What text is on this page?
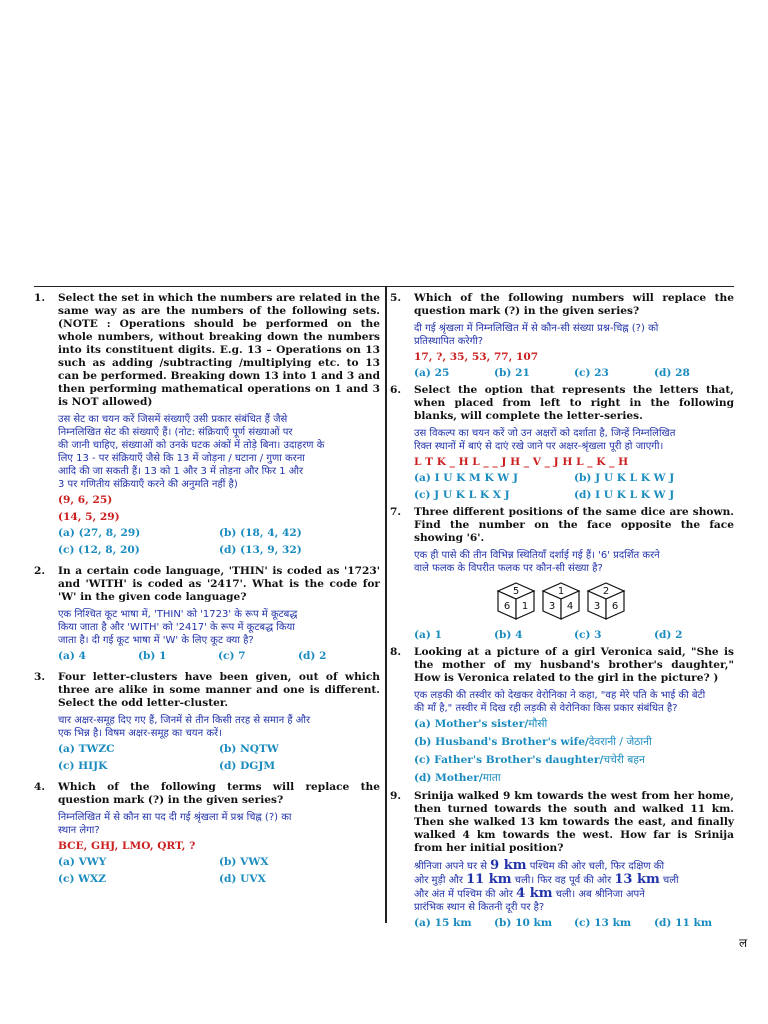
1.	Select the set in which the numbers are related in the same way as are the numbers of the following sets. (NOTE : Operations should be performed on the whole numbers, without breaking down the numbers into its constituent digits. E.g. 13 – Operations on 13 such as adding /subtracting /multiplying etc. to 13 can be performed. Breaking down 13 into 1 and 3 and then performing mathematical operations on 1 and 3 is NOT allowed)
उस सेट का चयन करें जिसमें संख्याएँ उसी प्रकार संबंधित हैं जैसे
निम्नलिखित सेट की संख्याएँ हैं। (नोट: संक्रियाएँ पूर्ण संख्याओं पर
की जानी चाहिए, संख्याओं को उनके घटक अंकों में तोड़े बिना। उदाहरण के
लिए 13 - पर संक्रियाएँ जैसे कि 13 में जोड़ना / घटाना / गुणा करना
आदि की जा सकती हैं। 13 को 1 और 3 में तोड़ना और फिर 1 और
3 पर गणितीय संक्रियाएँ करने की अनुमति नहीं है)
(9, 6, 25)
(14, 5, 29)
(a) (27, 8, 29)	(b) (18, 4, 42)
(c) (12, 8, 20)	(d) (13, 9, 32)
2.	In a certain code language, 'THIN' is coded as '1723' and 'WITH' is coded as '2417'. What is the code for 'W' in the given code language?
एक निश्चित कूट भाषा में, 'THIN' को '1723' के रूप में कूटबद्ध
किया जाता है और 'WITH' को '2417' के रूप में कूटबद्ध किया
जाता है। दी गई कूट भाषा में 'W' के लिए कूट क्या है?
(a) 4	(b) 1	(c) 7	(d) 2
3.	Four letter-clusters have been given, out of which three are alike in some manner and one is different. Select the odd letter-cluster.
चार अक्षर-समूह दिए गए हैं, जिनमें से तीन किसी तरह से समान हैं और
एक भिन्न है। विषम अक्षर-समूह का चयन करें।
(a) TWZC	(b) NQTW
(c) HIJK	(d) DGJM
4.	Which of the following terms will replace the question mark (?) in the given series?
निम्नलिखित में से कौन सा पद दी गई श्रृंखला में प्रश्न चिह्न (?) का
स्थान लेगा?
BCE, GHJ, LMO, QRT, ?
(a) VWY	(b) VWX
(c) WXZ	(d) UVX
5.	Which of the following numbers will replace the question mark (?) in the given series?
दी गई श्रृंखला में निम्नलिखित में से कौन-सी संख्या प्रश्न-चिह्न (?) को
प्रतिस्थापित करेगी?
17, ?, 35, 53, 77, 107
(a) 25	(b) 21	(c) 23	(d) 28
6.	Select the option that represents the letters that, when placed from left to right in the following blanks, will complete the letter-series.
उस विकल्प का चयन करें जो उन अक्षरों को दर्शाता है, जिन्हें निम्नलिखित
रिक्त स्थानों में बाएं से दाएं रखे जाने पर अक्षर-श्रृंखला पूरी हो जाएगी।
L T K _ H L _ _ J H _ V _ J H L _ K _ H
(a) I U K M K W J	(b) J U K L K W J
(c) J U K L K X J	(d) I U K L K W J
7.	Three different positions of the same dice are shown. Find the number on the face opposite the face showing '6'.
एक ही पासे की तीन विभिन्न स्थितियाँ दर्शाई गई हैं। '6' प्रदर्शित करने
वाले फलक के विपरीत फलक पर कौन-सी संख्या है?
5
6 1
1
3 4
2
3 6
(a) 1	(b) 4	(c) 3	(d) 2
8.	Looking at a picture of a girl Veronica said, "She is the mother of my husband's brother's daughter," How is Veronica related to the girl in the picture? )
एक लड़की की तस्वीर को देखकर वेरोनिका ने कहा, "वह मेरे पति के भाई की बेटी
की माँ है," तस्वीर में दिख रही लड़की से वेरोनिका किस प्रकार संबंधित है?
(a) Mother's sister/मौसी
(b) Husband's Brother's wife/देवरानी / जेठानी
(c) Father's Brother's daughter/चचेरी बहन
(d) Mother/माता
9.	Srinija walked 9 km towards the west from her home, then turned towards the south and walked 11 km. Then she walked 13 km towards the east, and finally walked 4 km towards the west. How far is Srinija from her initial position?
श्रीनिजा अपने घर से 9 km पश्चिम की ओर चली, फिर दक्षिण की
ओर मुड़ी और 11 km चली। फिर वह पूर्व की ओर 13 km चली
और अंत में पश्चिम की ओर 4 km चली। अब श्रीनिजा अपने
प्रारंभिक स्थान से कितनी दूरी पर है?
(a) 15 km	(b) 10 km	(c) 13 km	(d) 11 km
ल
